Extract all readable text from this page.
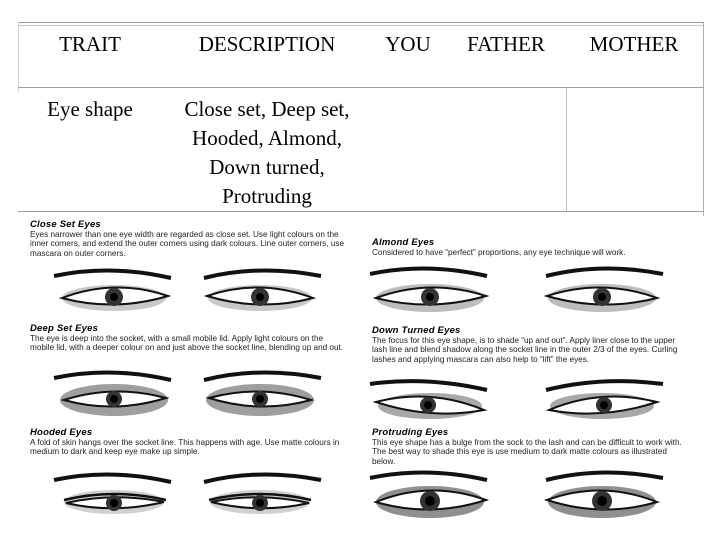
TRAIT	DESCRIPTION	YOU	FATHER	MOTHER
Eye shape	Close set, Deep set,
Hooded, Almond,
Down turned,
Protruding
Close Set Eyes
Eyes narrower than one eye width are regarded as close set. Use light colours on the inner corners, and extend the outer corners using dark colours. Line outer corners, use mascara on outer corners.
Deep Set Eyes
The eye is deep into the socket, with a small mobile lid. Apply light colours on the mobile lid, with a deeper colour on and just above the socket line, blending up and out.
Hooded Eyes
A fold of skin hangs over the socket line. This happens with age. Use matte colours in medium to dark and keep eye make up simple.
Almond Eyes
Considered to have “perfect” proportions, any eye technique will work.
Down Turned Eyes
The focus for this eye shape, is to shade “up and out”. Apply liner close to the upper lash line and blend shadow along the socket line in the outer 2/3 of the eyes. Curling lashes and applying mascara can also help to “lift” the eyes.
Protruding Eyes
This eye shape has a bulge from the sock to the lash and can be difficult to work with. The best way to shade this eye is use medium to dark matte colours as illustrated below.
